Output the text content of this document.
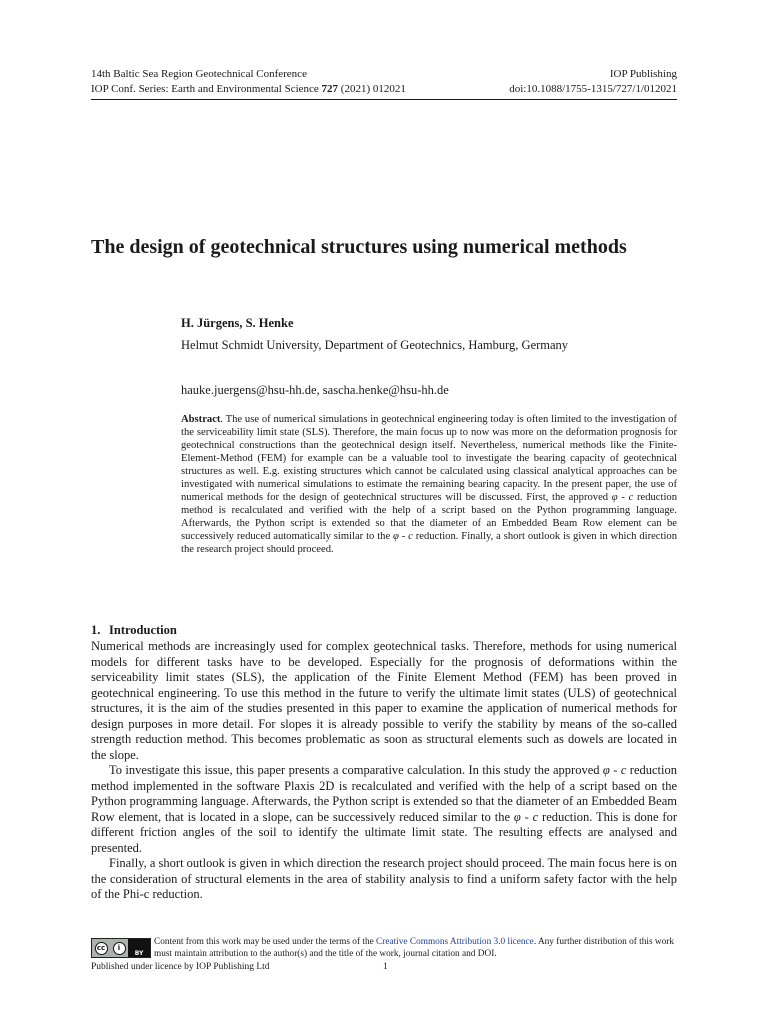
14th Baltic Sea Region Geotechnical Conference	IOP Publishing
IOP Conf. Series: Earth and Environmental Science 727 (2021) 012021	doi:10.1088/1755-1315/727/1/012021
The design of geotechnical structures using numerical methods
H. Jürgens, S. Henke
Helmut Schmidt University, Department of Geotechnics, Hamburg, Germany
hauke.juergens@hsu-hh.de, sascha.henke@hsu-hh.de

Abstract. The use of numerical simulations in geotechnical engineering today is often limited to the investigation of the serviceability limit state (SLS). Therefore, the main focus up to now was more on the deformation prognosis for geotechnical constructions than the geotechnical design itself. Nevertheless, numerical methods like the Finite-Element-Method (FEM) for example can be a valuable tool to investigate the bearing capacity of geotechnical structures as well. E.g. existing structures which cannot be calculated using classical analytical approaches can be investigated with numerical simulations to estimate the remaining bearing capacity. In the present paper, the use of numerical methods for the design of geotechnical structures will be discussed. First, the approved φ - c reduction method is recalculated and verified with the help of a script based on the Python programming language. Afterwards, the Python script is extended so that the diameter of an Embedded Beam Row element can be successively reduced automatically similar to the φ - c reduction. Finally, a short outlook is given in which direction the research project should proceed.

1. Introduction

Numerical methods are increasingly used for complex geotechnical tasks. Therefore, methods for using numerical models for different tasks have to be developed. Especially for the prognosis of deformations within the serviceability limit states (SLS), the application of the Finite Element Method (FEM) has been proved in geotechnical engineering. To use this method in the future to verify the ultimate limit states (ULS) of geotechnical structures, it is the aim of the studies presented in this paper to examine the application of numerical methods for design purposes in more detail. For slopes it is already possible to verify the stability by means of the so-called strength reduction method. This becomes problematic as soon as structural elements such as dowels are located in the slope.

To investigate this issue, this paper presents a comparative calculation. In this study the approved φ - c reduction method implemented in the software Plaxis 2D is recalculated and verified with the help of a script based on the Python programming language. Afterwards, the Python script is extended so that the diameter of an Embedded Beam Row element, that is located in a slope, can be successively reduced similar to the φ - c reduction. This is done for different friction angles of the soil to identify the ultimate limit state. The resulting effects are analysed and presented.

Finally, a short outlook is given in which direction the research project should proceed. The main focus here is on the consideration of structural elements in the area of stability analysis to find a uniform safety factor with the help of the Phi-c reduction.

cc	i
BY
Content from this work may be used under the terms of the Creative Commons Attribution 3.0 licence. Any further distribution of this work must maintain attribution to the author(s) and the title of the work, journal citation and DOI.
Published under licence by IOP Publishing Ltd	1
